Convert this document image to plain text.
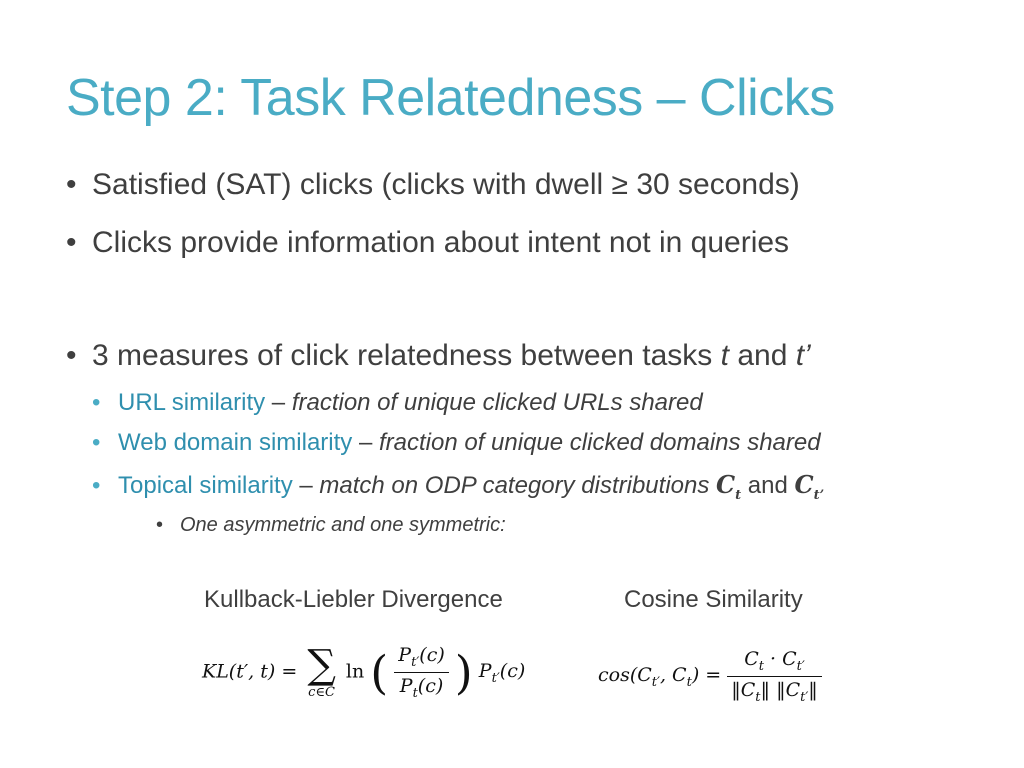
Step 2: Task Relatedness – Clicks
• Satisfied (SAT) clicks (clicks with dwell ≥ 30 seconds)
• Clicks provide information about intent not in queries
• 3 measures of click relatedness between tasks t and t’
• URL similarity – fraction of unique clicked URLs shared
• Web domain similarity – fraction of unique clicked domains shared
• Topical similarity – match on ODP category distributions $C_t$ and $C_{t’}$
• One asymmetric and one symmetric:
Kullback-Liebler Divergence	Cosine Similarity
KL(t′, t) = ∑
c∈C
ln ( $\frac{P_{t'}(c)}{P_t(c)}$ ) $P_{t'}(c)$	$\cos(C_{t'}$, $C_t) = \frac{C_t \cdot C_{t'}}{‖C_t‖ ‖C_{t'}‖}$
